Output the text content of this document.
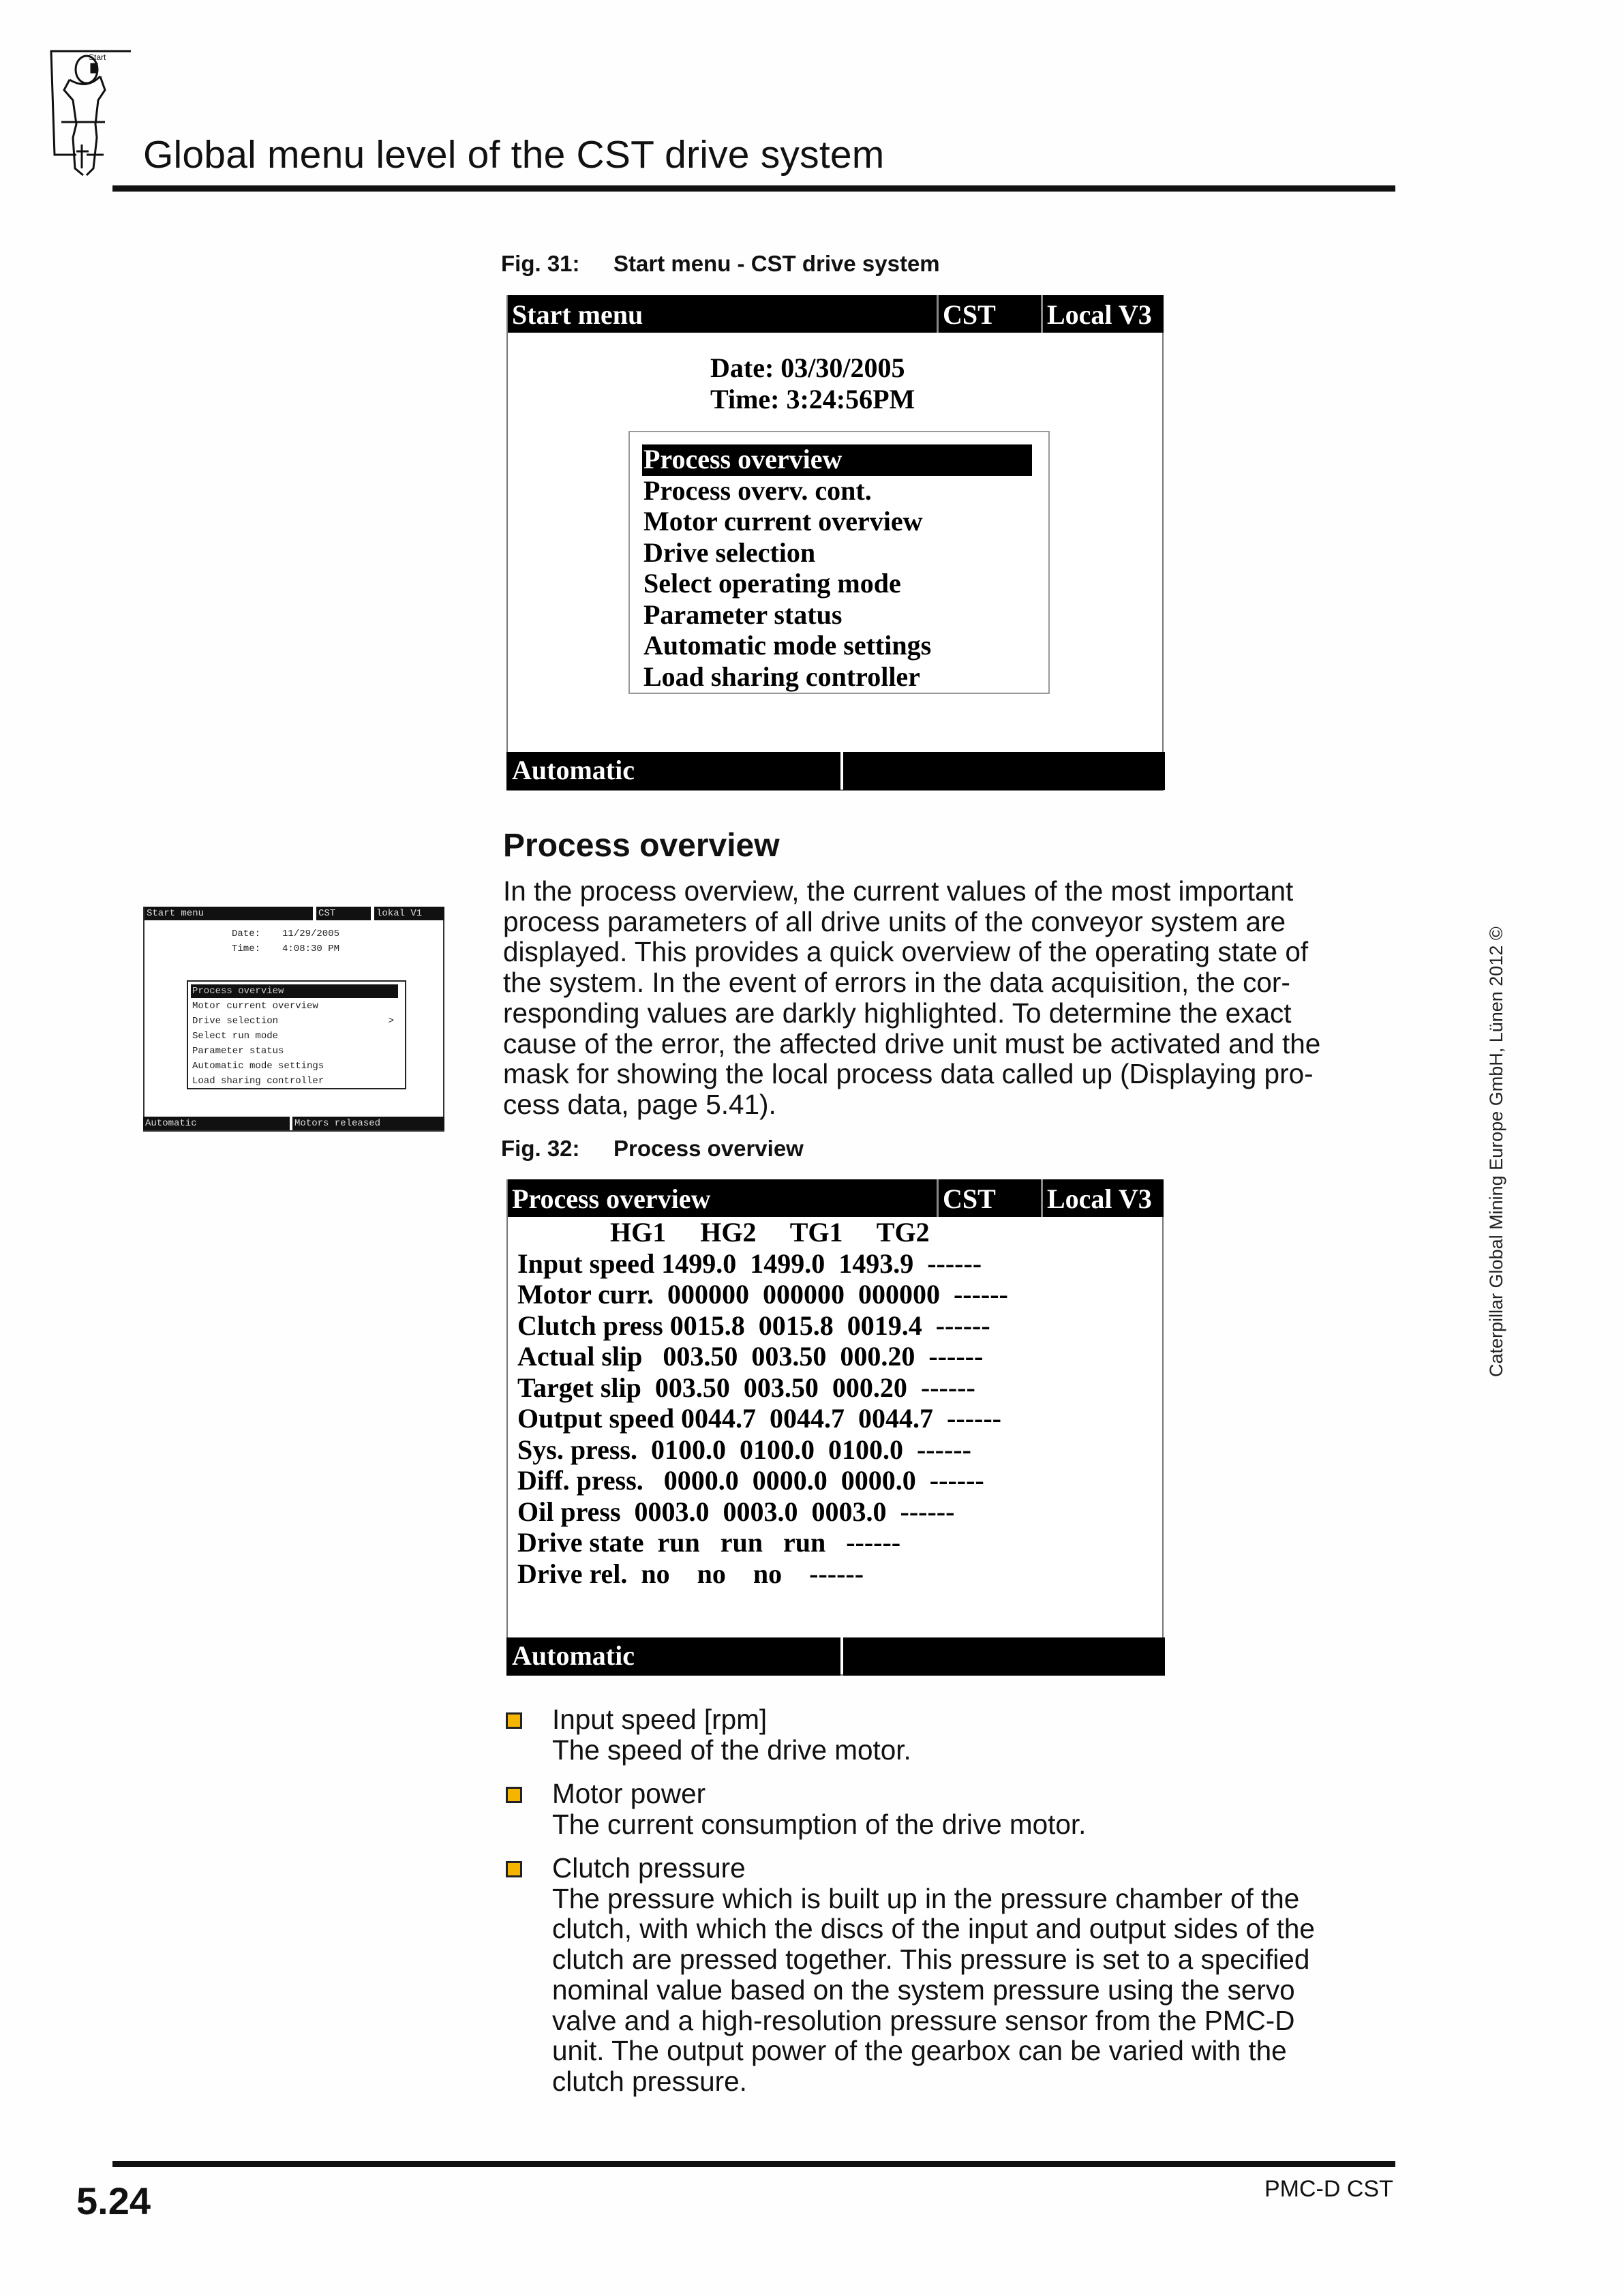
Start
Global menu level of the CST drive system
Fig. 31: Start menu - CST drive system
Start menu	CST	Local V3
Date: 03/30/2005
Time: 3:24:56PM
Process overview
Process overv. cont.
Motor current overview
Drive selection
Select operating mode
Parameter status
Automatic mode settings
Load sharing controller
Automatic
Start menu	CST	lokal V1
Date: 11/29/2005
Time: 4:08:30 PM
Process overview
Motor current overview
Drive selection	>
Select run mode
Parameter status
Automatic mode settings
Load sharing controller
Automatic	Motors released
Process overview
In the process overview, the current values of the most important
process parameters of all drive units of the conveyor system are
displayed. This provides a quick overview of the operating state of
the system. In the event of errors in the data acquisition, the cor-
responding values are darkly highlighted. To determine the exact
cause of the error, the affected drive unit must be activated and the
mask for showing the local process data called up (Displaying pro-
cess data, page 5.41).
Fig. 32: Process overview
Process overview	CST	Local V3
HG1     HG2     TG1     TG2
Input speed 1499.0  1499.0  1493.9  ------
Motor curr.  000000  000000  000000  ------
Clutch press 0015.8  0015.8  0019.4  ------
Actual slip   003.50  003.50  000.20  ------
Target slip  003.50  003.50  000.20  ------
Output speed 0044.7  0044.7  0044.7  ------
Sys. press.  0100.0  0100.0  0100.0  ------
Diff. press.   0000.0  0000.0  0000.0  ------
Oil press  0003.0  0003.0  0003.0  ------
Drive state  run   run   run   ------
Drive rel.  no    no    no    ------
Automatic
Input speed [rpm]
The speed of the drive motor.
Motor power
The current consumption of the drive motor.
Clutch pressure
The pressure which is built up in the pressure chamber of the
clutch, with which the discs of the input and output sides of the
clutch are pressed together. This pressure is set to a specified
nominal value based on the system pressure using the servo
valve and a high-resolution pressure sensor from the PMC-D
unit. The output power of the gearbox can be varied with the
clutch pressure.
Caterpillar Global Mining Europe GmbH, Lünen 2012 ©
5.24	PMC-D CST
